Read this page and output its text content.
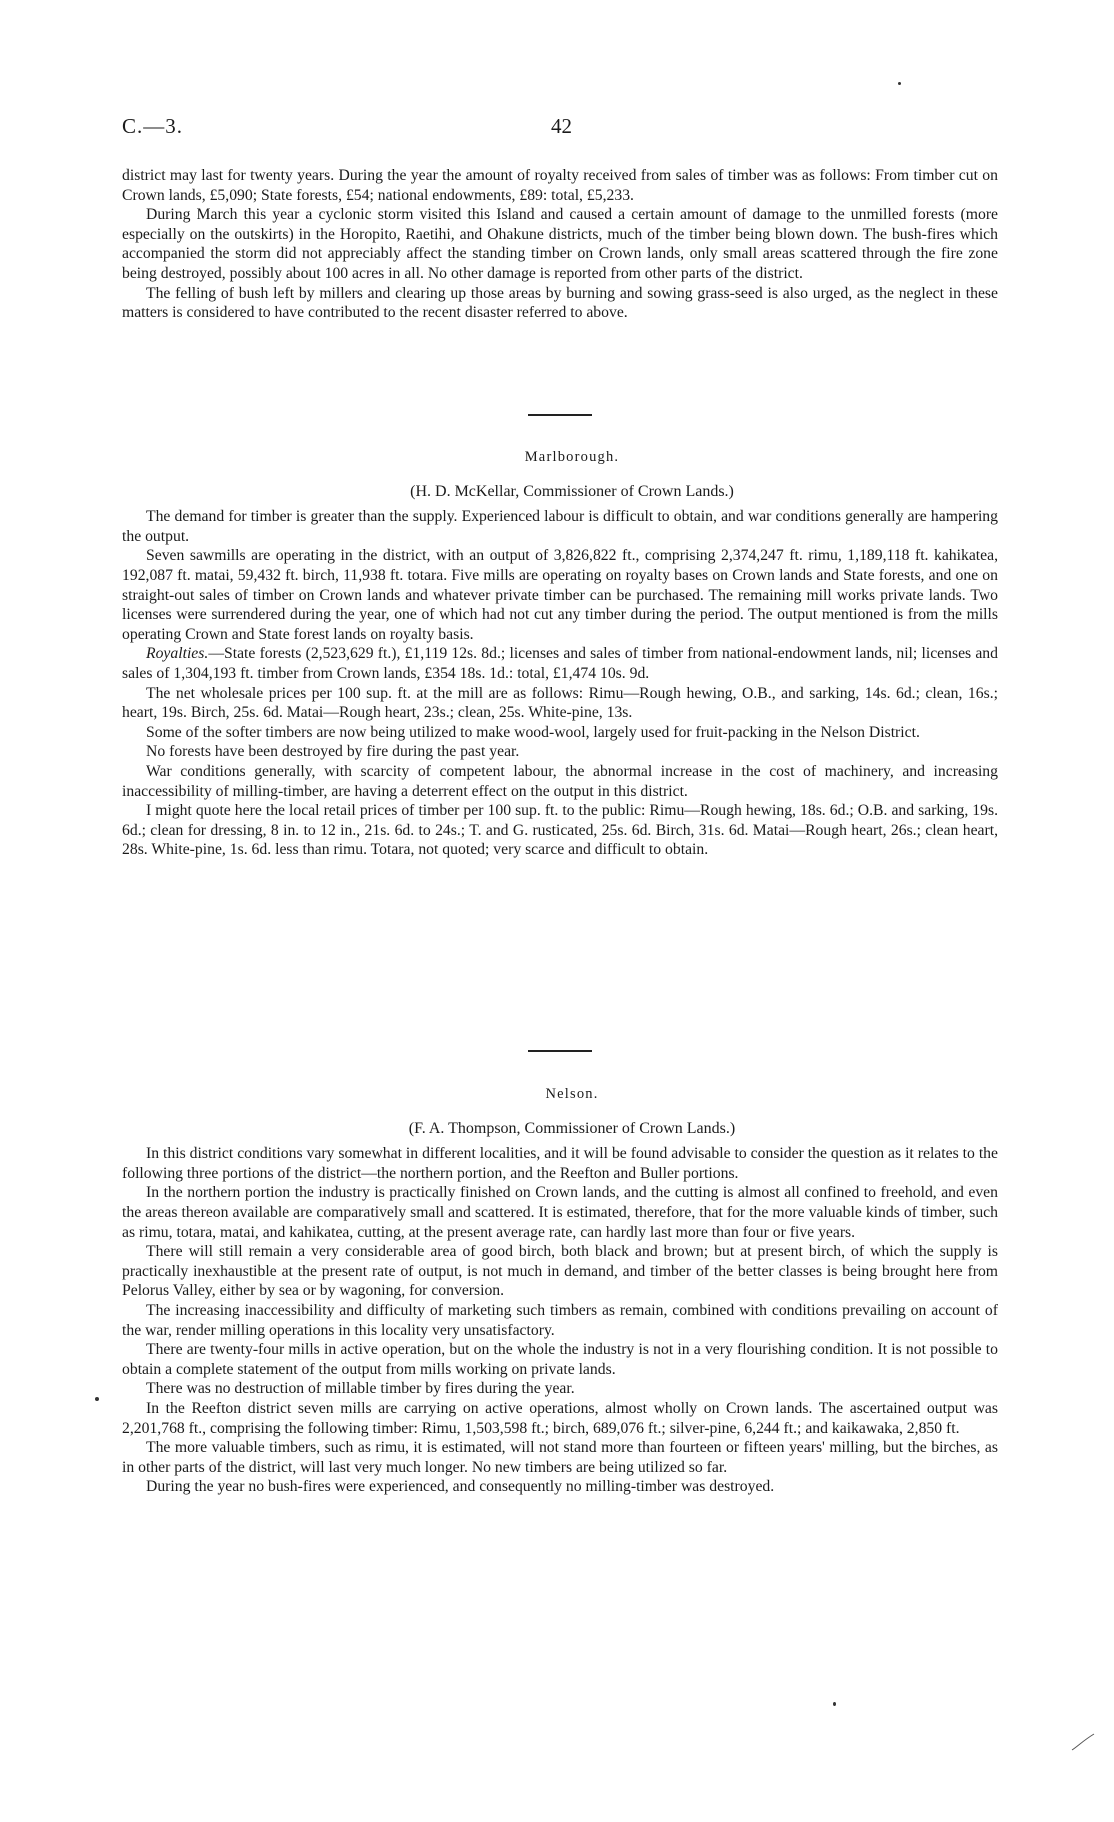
C.—3.	42

district may last for twenty years. During the year the amount of royalty received from sales of timber was as follows: From timber cut on Crown lands, £5,090; State forests, £54; national endowments, £89: total, £5,233.

During March this year a cyclonic storm visited this Island and caused a certain amount of damage to the unmilled forests (more especially on the outskirts) in the Horopito, Raetihi, and Ohakune districts, much of the timber being blown down. The bush-fires which accompanied the storm did not appreciably affect the standing timber on Crown lands, only small areas scattered through the fire zone being destroyed, possibly about 100 acres in all. No other damage is reported from other parts of the district.

The felling of bush left by millers and clearing up those areas by burning and sowing grass-seed is also urged, as the neglect in these matters is considered to have contributed to the recent disaster referred to above.

Marlborough.

(H. D. McKellar, Commissioner of Crown Lands.)

The demand for timber is greater than the supply. Experienced labour is difficult to obtain, and war conditions generally are hampering the output.

Seven sawmills are operating in the district, with an output of 3,826,822 ft., comprising 2,374,247 ft. rimu, 1,189,118 ft. kahikatea, 192,087 ft. matai, 59,432 ft. birch, 11,938 ft. totara. Five mills are operating on royalty bases on Crown lands and State forests, and one on straight-out sales of timber on Crown lands and whatever private timber can be purchased. The remaining mill works private lands. Two licenses were surrendered during the year, one of which had not cut any timber during the period. The output mentioned is from the mills operating Crown and State forest lands on royalty basis.

Royalties.—State forests (2,523,629 ft.), £1,119 12s. 8d.; licenses and sales of timber from national-endowment lands, nil; licenses and sales of 1,304,193 ft. timber from Crown lands, £354 18s. 1d.: total, £1,474 10s. 9d.

The net wholesale prices per 100 sup. ft. at the mill are as follows: Rimu—Rough hewing, O.B., and sarking, 14s. 6d.; clean, 16s.; heart, 19s. Birch, 25s. 6d. Matai—Rough heart, 23s.; clean, 25s. White-pine, 13s.

Some of the softer timbers are now being utilized to make wood-wool, largely used for fruit-packing in the Nelson District.

No forests have been destroyed by fire during the past year.

War conditions generally, with scarcity of competent labour, the abnormal increase in the cost of machinery, and increasing inaccessibility of milling-timber, are having a deterrent effect on the output in this district.

I might quote here the local retail prices of timber per 100 sup. ft. to the public: Rimu—Rough hewing, 18s. 6d.; O.B. and sarking, 19s. 6d.; clean for dressing, 8 in. to 12 in., 21s. 6d. to 24s.; T. and G. rusticated, 25s. 6d. Birch, 31s. 6d. Matai—Rough heart, 26s.; clean heart, 28s. White-pine, 1s. 6d. less than rimu. Totara, not quoted; very scarce and difficult to obtain.

Nelson.

(F. A. Thompson, Commissioner of Crown Lands.)

In this district conditions vary somewhat in different localities, and it will be found advisable to consider the question as it relates to the following three portions of the district—the northern portion, and the Reefton and Buller portions.

In the northern portion the industry is practically finished on Crown lands, and the cutting is almost all confined to freehold, and even the areas thereon available are comparatively small and scattered. It is estimated, therefore, that for the more valuable kinds of timber, such as rimu, totara, matai, and kahikatea, cutting, at the present average rate, can hardly last more than four or five years.

There will still remain a very considerable area of good birch, both black and brown; but at present birch, of which the supply is practically inexhaustible at the present rate of output, is not much in demand, and timber of the better classes is being brought here from Pelorus Valley, either by sea or by wagoning, for conversion.

The increasing inaccessibility and difficulty of marketing such timbers as remain, combined with conditions prevailing on account of the war, render milling operations in this locality very unsatisfactory.

There are twenty-four mills in active operation, but on the whole the industry is not in a very flourishing condition. It is not possible to obtain a complete statement of the output from mills working on private lands.

There was no destruction of millable timber by fires during the year.

In the Reefton district seven mills are carrying on active operations, almost wholly on Crown lands. The ascertained output was 2,201,768 ft., comprising the following timber: Rimu, 1,503,598 ft.; birch, 689,076 ft.; silver-pine, 6,244 ft.; and kaikawaka, 2,850 ft.

The more valuable timbers, such as rimu, it is estimated, will not stand more than fourteen or fifteen years' milling, but the birches, as in other parts of the district, will last very much longer. No new timbers are being utilized so far.

During the year no bush-fires were experienced, and consequently no milling-timber was destroyed.
